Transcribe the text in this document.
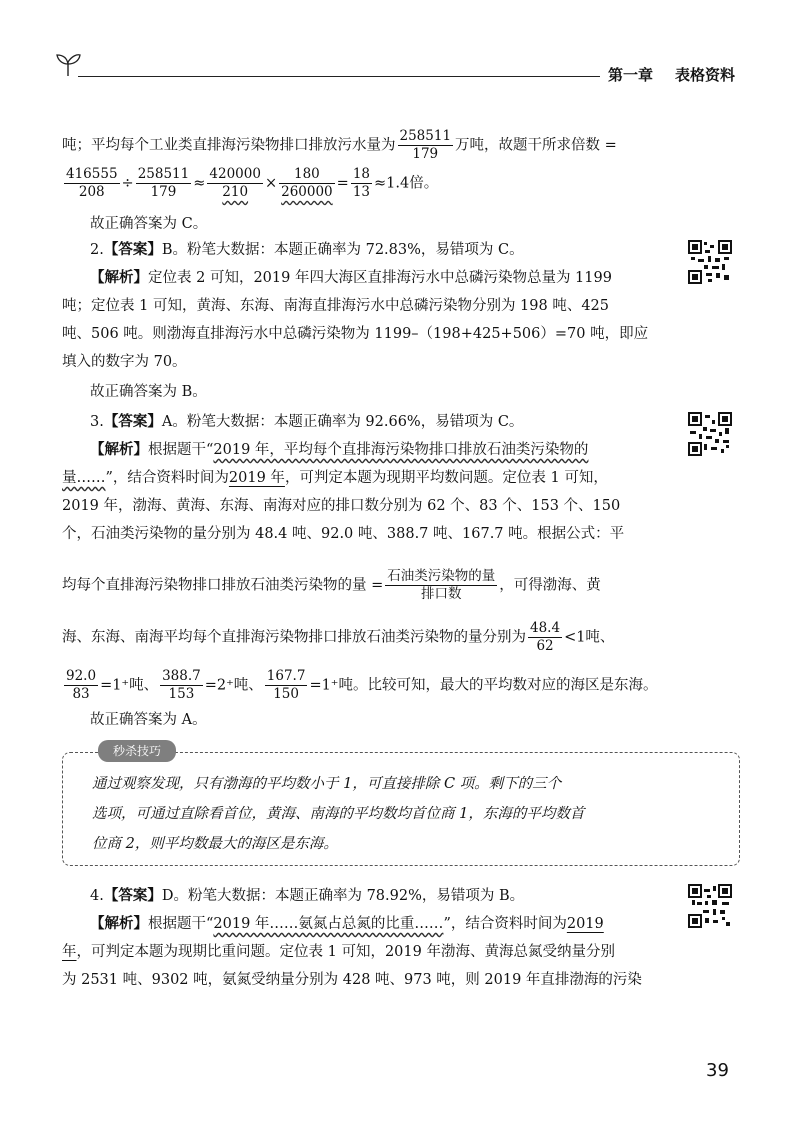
第一章 表格资料
吨；平均每个工业类直排海污染物排口排放污水量为 $\frac{258511}{179}$ 万吨，故题干所求倍数 =
$\frac{416555}{208} \div \frac{258511}{179} \approx \frac{420000}{210} \times \frac{180}{260000} = \frac{18}{13} \approx 1.4$倍。
故正确答案为 C。
2.【答案】B。粉笔大数据：本题正确率为 72.83%，易错项为 C。
【解析】定位表 2 可知，2019 年四大海区直排海污水中总磷污染物总量为 1199
吨；定位表 1 可知，黄海、东海、南海直排海污水中总磷污染物分别为 198 吨、425
吨、506 吨。则渤海直排海污水中总磷污染物为 1199–（198+425+506）=70 吨，即应
填入的数字为 70。
故正确答案为 B。
3.【答案】A。粉笔大数据：本题正确率为 92.66%，易错项为 C。
【解析】根据题干“2019 年，平均每个直排海污染物排口排放石油类污染物的
量……”，结合资料时间为2019 年，可判定本题为现期平均数问题。定位表 1 可知，
2019 年，渤海、黄海、东海、南海对应的排口数分别为 62 个、83 个、153 个、150
个，石油类污染物的量分别为 48.4 吨、92.0 吨、388.7 吨、167.7 吨。根据公式：平
均每个直排海污染物排口排放石油类污染物的量 = $\frac{\text{石油类污染物的量}}{\text{排口数}}$ ，可得渤海、黄
海、东海、南海平均每个直排海污染物排口排放石油类污染物的量分别为 $\frac{48.4}{62} <1$吨、
$\frac{92.0}{83} =1^+$吨、 $\frac{388.7}{153} =2^+$吨、 $\frac{167.7}{150} =1^+$吨。比较可知，最大的平均数对应的海区是东海。
故正确答案为 A。
秒杀技巧
通过观察发现，只有渤海的平均数小于 1，可直接排除 C 项。剩下的三个
选项，可通过直除看首位，黄海、南海的平均数均首位商 1，东海的平均数首
位商 2，则平均数最大的海区是东海。
4.【答案】D。粉笔大数据：本题正确率为 78.92%，易错项为 B。
【解析】根据题干“2019 年……氨氮占总氮的比重……”，结合资料时间为2019
年，可判定本题为现期比重问题。定位表 1 可知，2019 年渤海、黄海总氮受纳量分别
为 2531 吨、9302 吨，氨氮受纳量分别为 428 吨、973 吨，则 2019 年直排渤海的污染
39
